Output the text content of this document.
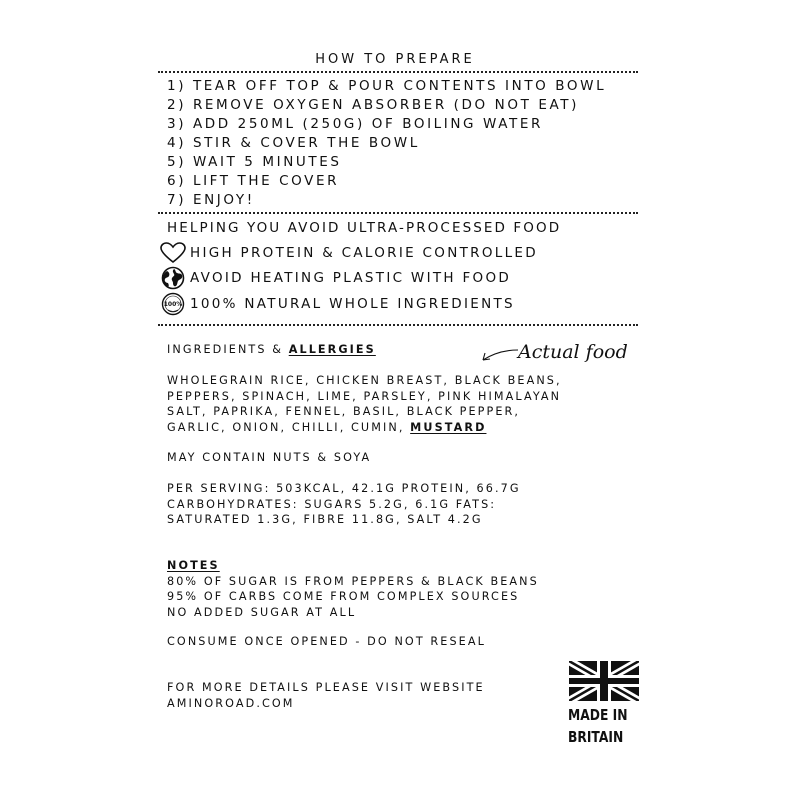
HOW TO PREPARE
1) TEAR OFF TOP & POUR CONTENTS INTO BOWL
2) REMOVE OXYGEN ABSORBER (DO NOT EAT)
3) ADD 250ML (250G) OF BOILING WATER
4) STIR & COVER THE BOWL
5) WAIT 5 MINUTES
6) LIFT THE COVER
7) ENJOY!
HELPING YOU AVOID ULTRA-PROCESSED FOOD
HIGH PROTEIN & CALORIE CONTROLLED
AVOID HEATING PLASTIC WITH FOOD
100% 100% NATURAL WHOLE INGREDIENTS
INGREDIENTS & ALLERGIES	Actual food
WHOLEGRAIN RICE, CHICKEN BREAST, BLACK BEANS,
PEPPERS, SPINACH, LIME, PARSLEY, PINK HIMALAYAN
SALT, PAPRIKA, FENNEL, BASIL, BLACK PEPPER,
GARLIC, ONION, CHILLI, CUMIN, MUSTARD
MAY CONTAIN NUTS & SOYA
PER SERVING: 503KCAL, 42.1G PROTEIN, 66.7G
CARBOHYDRATES: SUGARS 5.2G, 6.1G FATS:
SATURATED 1.3G, FIBRE 11.8G, SALT 4.2G
NOTES
80% OF SUGAR IS FROM PEPPERS & BLACK BEANS
95% OF CARBS COME FROM COMPLEX SOURCES
NO ADDED SUGAR AT ALL
CONSUME ONCE OPENED - DO NOT RESEAL
FOR MORE DETAILS PLEASE VISIT WEBSITE
AMINOROAD.COM
MADE IN
BRITAIN
